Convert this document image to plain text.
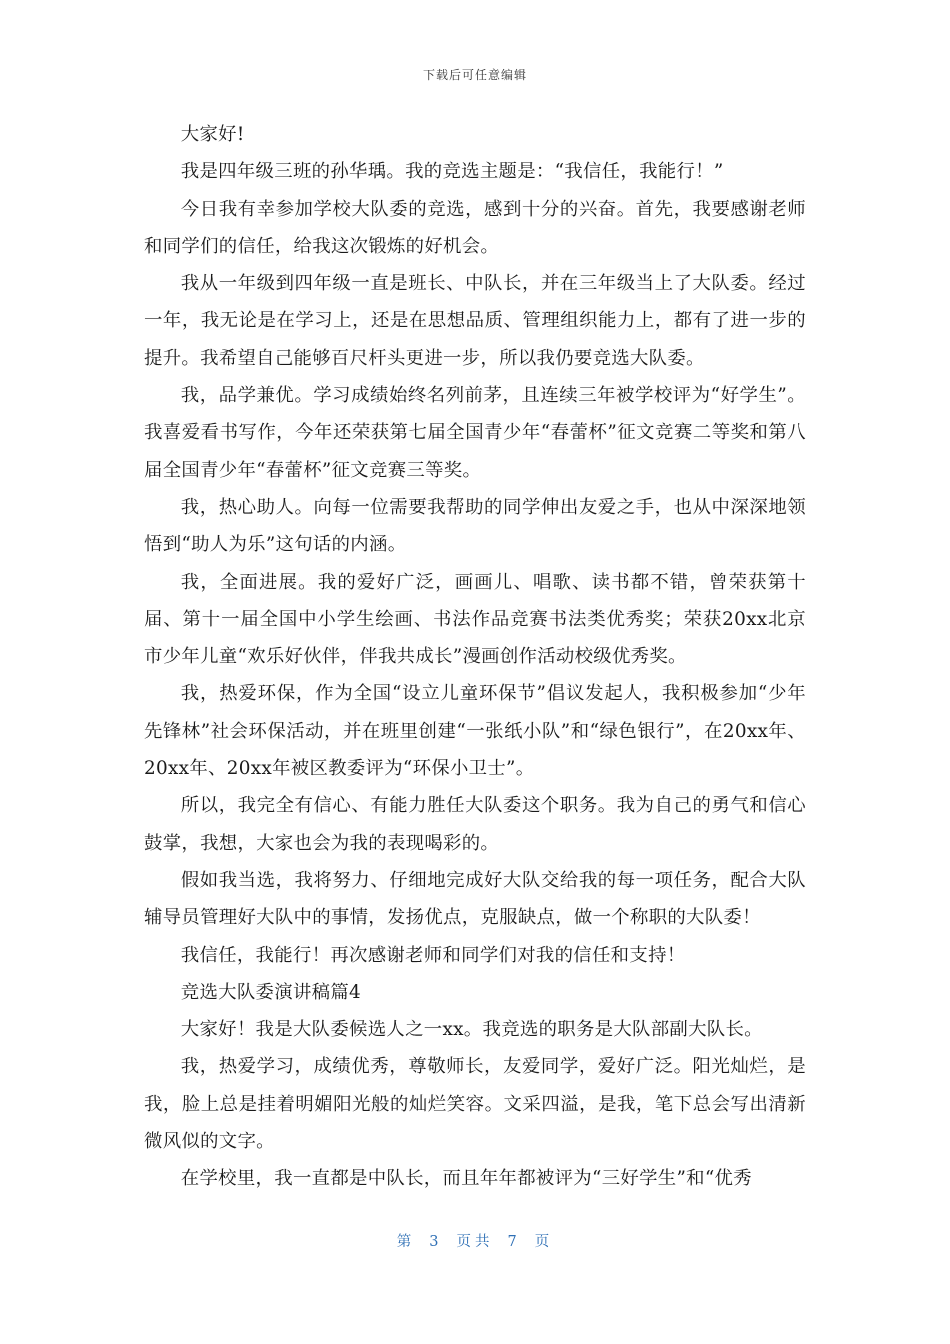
下载后可任意编辑

大家好!

我是四年级三班的孙华瑀。我的竞选主题是：“我信任，我能行！”

今日我有幸参加学校大队委的竞选，感到十分的兴奋。首先，我要感谢老师和同学们的信任，给我这次锻炼的好机会。

我从一年级到四年级一直是班长、中队长，并在三年级当上了大队委。经过一年，我无论是在学习上，还是在思想品质、管理组织能力上，都有了进一步的提升。我希望自己能够百尺杆头更进一步，所以我仍要竞选大队委。

我，品学兼优。学习成绩始终名列前茅，且连续三年被学校评为“好学生”。我喜爱看书写作，今年还荣获第七届全国青少年“春蕾杯”征文竞赛二等奖和第八届全国青少年“春蕾杯”征文竞赛三等奖。

我，热心助人。向每一位需要我帮助的同学伸出友爱之手，也从中深深地领悟到“助人为乐”这句话的内涵。

我，全面进展。我的爱好广泛，画画儿、唱歌、读书都不错，曾荣获第十届、第十一届全国中小学生绘画、书法作品竞赛书法类优秀奖；荣获20xx北京市少年儿童“欢乐好伙伴，伴我共成长”漫画创作活动校级优秀奖。

我，热爱环保，作为全国“设立儿童环保节”倡议发起人，我积极参加“少年先锋林”社会环保活动，并在班里创建“一张纸小队”和“绿色银行”，在20xx年、20xx年、20xx年被区教委评为“环保小卫士”。

所以，我完全有信心、有能力胜任大队委这个职务。我为自己的勇气和信心鼓掌，我想，大家也会为我的表现喝彩的。

假如我当选，我将努力、仔细地完成好大队交给我的每一项任务，配合大队辅导员管理好大队中的事情，发扬优点，克服缺点，做一个称职的大队委！

我信任，我能行！再次感谢老师和同学们对我的信任和支持！

竞选大队委演讲稿篇4

大家好！我是大队委候选人之一xx。我竞选的职务是大队部副大队长。

我，热爱学习，成绩优秀，尊敬师长，友爱同学，爱好广泛。阳光灿烂，是我，脸上总是挂着明媚阳光般的灿烂笑容。文采四溢，是我，笔下总会写出清新微风似的文字。

在学校里，我一直都是中队长，而且年年都被评为“三好学生”和“优秀

第 3 页共 7 页
